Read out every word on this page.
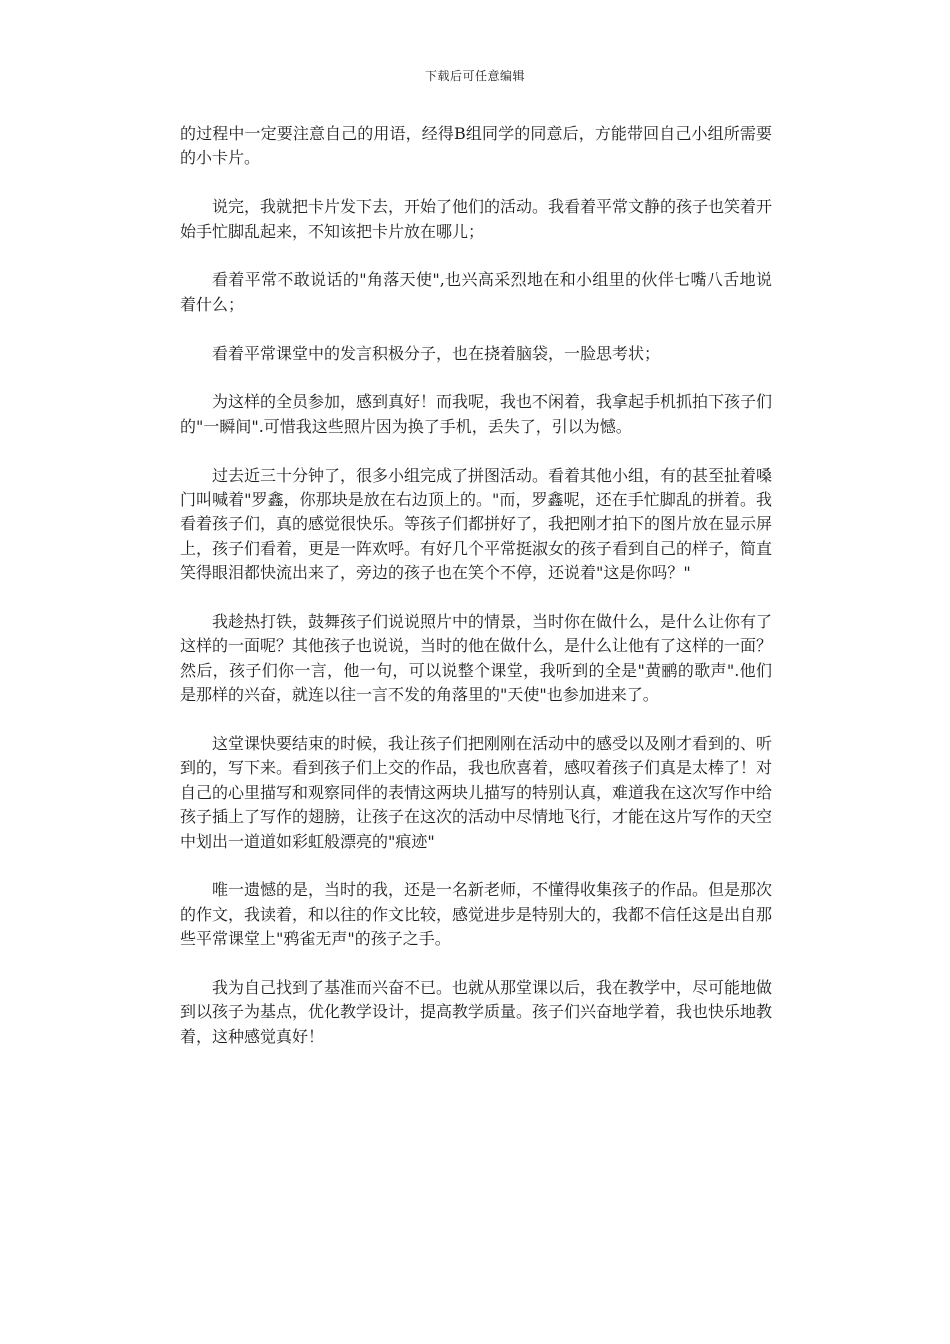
下载后可任意编辑

的过程中一定要注意自己的用语，经得B组同学的同意后，方能带回自己小组所需要的小卡片。

说完，我就把卡片发下去，开始了他们的活动。我看着平常文静的孩子也笑着开始手忙脚乱起来，不知该把卡片放在哪儿；

看着平常不敢说话的"角落天使",也兴高采烈地在和小组里的伙伴七嘴八舌地说着什么；

看着平常课堂中的发言积极分子，也在挠着脑袋，一脸思考状；

为这样的全员参加，感到真好！而我呢，我也不闲着，我拿起手机抓拍下孩子们的"一瞬间".可惜我这些照片因为换了手机，丢失了，引以为憾。

过去近三十分钟了，很多小组完成了拼图活动。看着其他小组，有的甚至扯着嗓门叫喊着"罗鑫，你那块是放在右边顶上的。"而，罗鑫呢，还在手忙脚乱的拼着。我看着孩子们，真的感觉很快乐。等孩子们都拼好了，我把刚才拍下的图片放在显示屏上，孩子们看着，更是一阵欢呼。有好几个平常挺淑女的孩子看到自己的样子，简直笑得眼泪都快流出来了，旁边的孩子也在笑个不停，还说着"这是你吗？"

我趁热打铁，鼓舞孩子们说说照片中的情景，当时你在做什么，是什么让你有了这样的一面呢？其他孩子也说说，当时的他在做什么，是什么让他有了这样的一面？然后，孩子们你一言，他一句，可以说整个课堂，我听到的全是"黄鹂的歌声".他们是那样的兴奋，就连以往一言不发的角落里的"天使"也参加进来了。

这堂课快要结束的时候，我让孩子们把刚刚在活动中的感受以及刚才看到的、听到的，写下来。看到孩子们上交的作品，我也欣喜着，感叹着孩子们真是太棒了！对自己的心里描写和观察同伴的表情这两块儿描写的特别认真，难道我在这次写作中给孩子插上了写作的翅膀，让孩子在这次的活动中尽情地飞行，才能在这片写作的天空中划出一道道如彩虹般漂亮的"痕迹"

唯一遗憾的是，当时的我，还是一名新老师，不懂得收集孩子的作品。但是那次的作文，我读着，和以往的作文比较，感觉进步是特别大的，我都不信任这是出自那些平常课堂上"鸦雀无声"的孩子之手。

我为自己找到了基准而兴奋不已。也就从那堂课以后，我在教学中，尽可能地做到以孩子为基点，优化教学设计，提高教学质量。孩子们兴奋地学着，我也快乐地教着，这种感觉真好！
